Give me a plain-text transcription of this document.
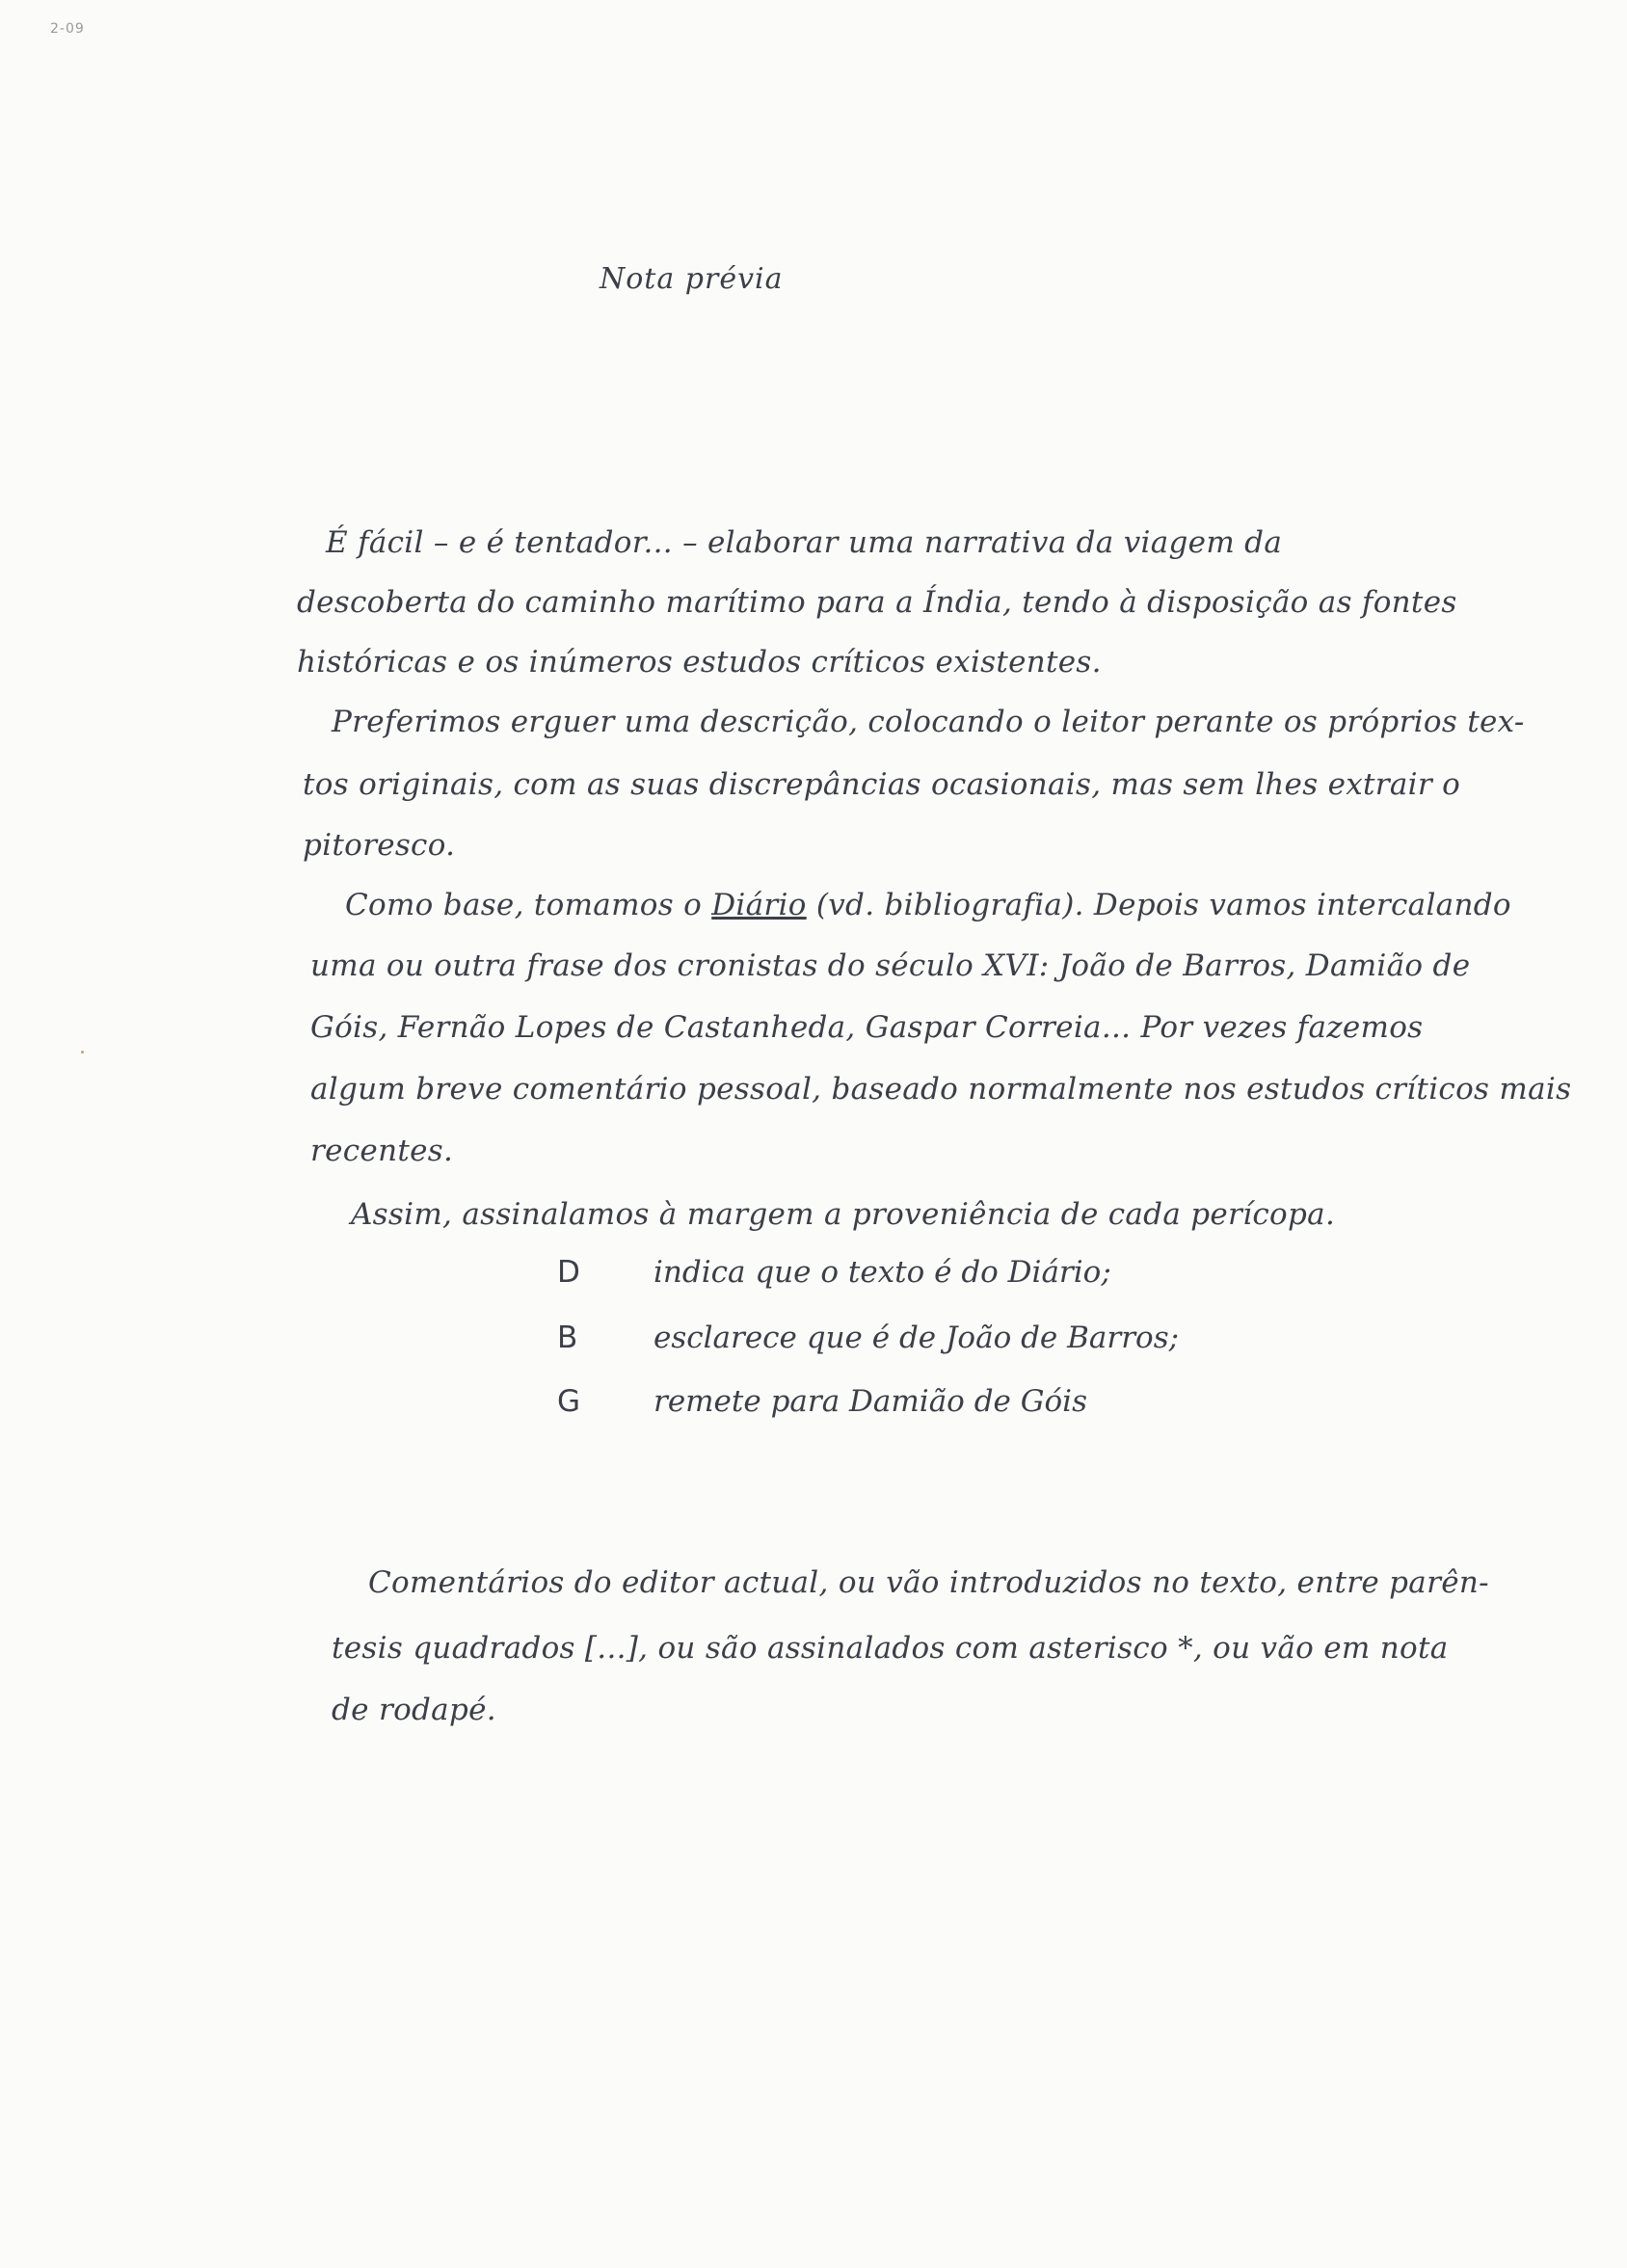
2-09
Nota prévia
É fácil – e é tentador... – elaborar uma narrativa da viagem da
descoberta do caminho marítimo para a Índia, tendo à disposição as fontes
históricas e os inúmeros estudos críticos existentes.
Preferimos erguer uma descrição, colocando o leitor perante os próprios tex-
tos originais, com as suas discrepâncias ocasionais, mas sem lhes extrair o
pitoresco.
Como base, tomamos o Diário (vd. bibliografia). Depois vamos intercalando
uma ou outra frase dos cronistas do século XVI: João de Barros, Damião de
Góis, Fernão Lopes de Castanheda, Gaspar Correia... Por vezes fazemos
algum breve comentário pessoal, baseado normalmente nos estudos críticos mais
recentes.
Assim, assinalamos à margem a proveniência de cada perícopa.
D indica que o texto é do Diário;
B	esclarece que é de João de Barros;
G remete para Damião de Góis
Comentários do editor actual, ou vão introduzidos no texto, entre parên-
tesis quadrados [...], ou são assinalados com asterisco *, ou vão em nota
de rodapé.
